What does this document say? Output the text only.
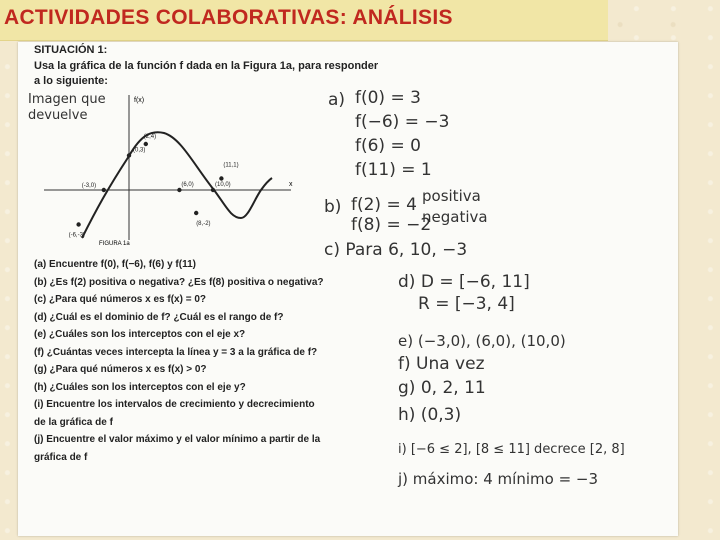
ACTIVIDADES COLABORATIVAS: ANÁLISIS
SITUACIÓN 1:
Usa la gráfica de la función f dada en la Figura 1a, para responder
a lo siguiente:
Imagen que
devuelve
(-6,-3)
(-3,0)
(0,3)
(2,4)
(6,0)
(8,-2)
(10,0)
(11,1)
f(x)
x
FIGURA 1a
(a) Encuentre f(0), f(−6), f(6) y f(11)
(b) ¿Es f(2) positiva o negativa? ¿Es f(8) positiva o negativa?
(c) ¿Para qué números x es f(x) = 0?
(d) ¿Cuál es el dominio de f? ¿Cuál es el rango de f?
(e) ¿Cuáles son los interceptos con el eje x?
(f) ¿Cuántas veces intercepta la línea y = 3 a la gráfica de f?
(g) ¿Para qué números x es f(x) > 0?
(h) ¿Cuáles son los interceptos con el eje y?
(i) Encuentre los intervalos de crecimiento y decrecimiento
de la gráfica de f
(j) Encuentre el valor máximo y el valor mínimo a partir de la
gráfica de f
a) f(0) = 3
f(−6) = −3
f(6) = 0
f(11) = 1
b) f(2) = 4 positiva
f(8) = −2
negativa
c) Para 6, 10, −3
d) D = [−6, 11]
R = [−3, 4]
e) (−3,0), (6,0), (10,0)
f) Una vez
g) 0, 2, 11
h) (0,3)
i) [−6 ≤ 2], [8 ≤ 11] decrece [2, 8]
j) máximo: 4 mínimo = −3
